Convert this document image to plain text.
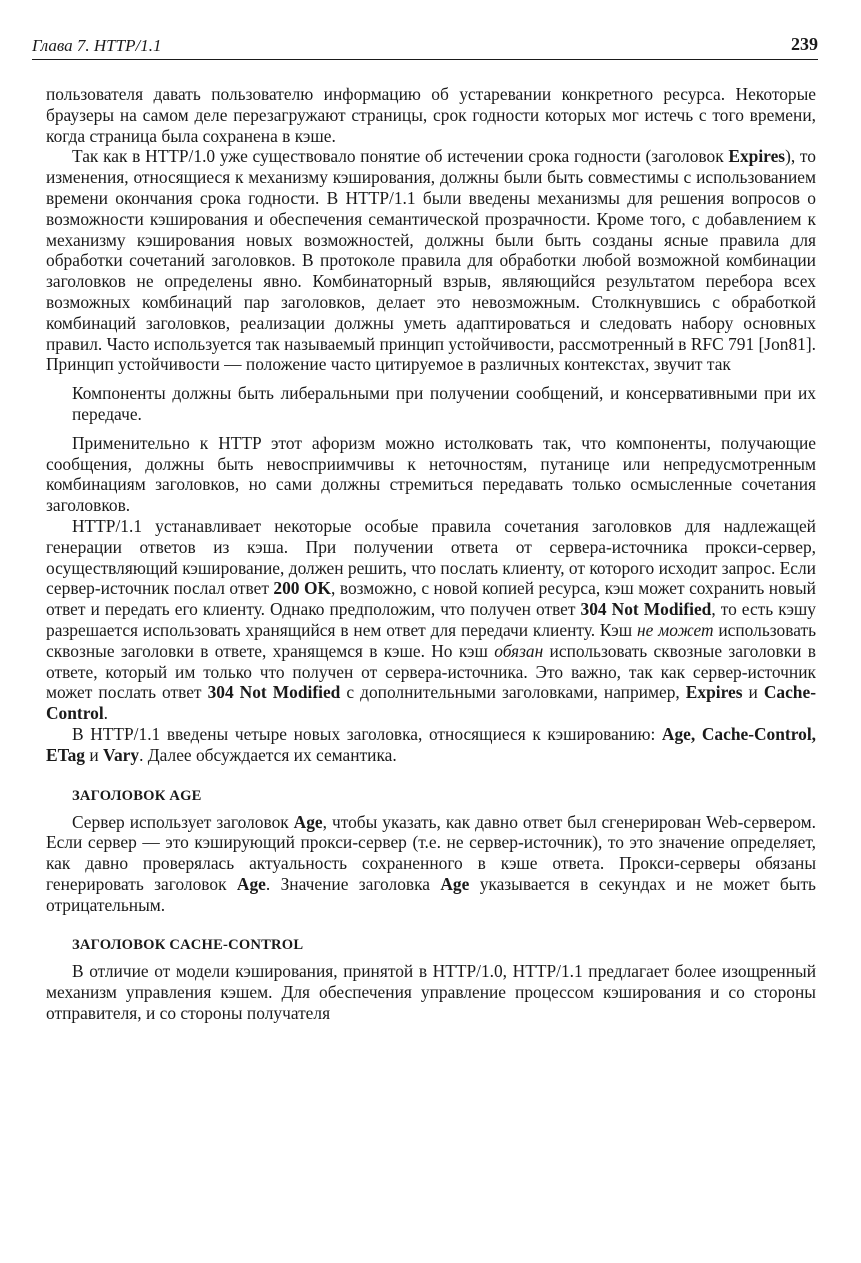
Глава 7. HTTP/1.1	239

пользователя давать пользователю информацию об устаревании конкретного ресурса. Некоторые браузеры на самом деле перезагружают страницы, срок годности которых мог истечь с того времени, когда страница была сохранена в кэше.

Так как в HTTP/1.0 уже существовало понятие об истечении срока годности (заголовок Expires), то изменения, относящиеся к механизму кэширования, должны были быть совместимы с использованием времени окончания срока годности. В HTTP/1.1 были введены механизмы для решения вопросов о возможности кэширования и обеспечения семантической прозрачности. Кроме того, с добавлением к механизму кэширования новых возможностей, должны были быть созданы ясные правила для обработки сочетаний заголовков. В протоколе правила для обработки любой возможной комбинации заголовков не определены явно. Комбинаторный взрыв, являющийся результатом перебора всех возможных комбинаций пар заголовков, делает это невозможным. Столкнувшись с обработкой комбинаций заголовков, реализации должны уметь адаптироваться и следовать набору основных правил. Часто используется так называемый принцип устойчивости, рассмотренный в RFC 791 [Jon81]. Принцип устойчивости — положение часто цитируемое в различных контекстах, звучит так

Компоненты должны быть либеральными при получении сообщений, и консервативными при их передаче.

Применительно к HTTP этот афоризм можно истолковать так, что компоненты, получающие сообщения, должны быть невосприимчивы к неточностям, путанице или непредусмотренным комбинациям заголовков, но сами должны стремиться передавать только осмысленные сочетания заголовков.

HTTP/1.1 устанавливает некоторые особые правила сочетания заголовков для надлежащей генерации ответов из кэша. При получении ответа от сервера-источника прокси-сервер, осуществляющий кэширование, должен решить, что послать клиенту, от которого исходит запрос. Если сервер-источник послал ответ 200 OK, возможно, с новой копией ресурса, кэш может сохранить новый ответ и передать его клиенту. Однако предположим, что получен ответ 304 Not Modified, то есть кэшу разрешается использовать хранящийся в нем ответ для передачи клиенту. Кэш не может использовать сквозные заголовки в ответе, хранящемся в кэше. Но кэш обязан использовать сквозные заголовки в ответе, который им только что получен от сервера-источника. Это важно, так как сервер-источник может послать ответ 304 Not Modified с дополнительными заголовками, например, Expires и Cache-Control.

В HTTP/1.1 введены четыре новых заголовка, относящиеся к кэшированию: Age, Cache-Control, ETag и Vary. Далее обсуждается их семантика.

ЗАГОЛОВОК AGE

Сервер использует заголовок Age, чтобы указать, как давно ответ был сгенерирован Web-сервером. Если сервер — это кэширующий прокси-сервер (т.е. не сервер-источник), то это значение определяет, как давно проверялась актуальность сохраненного в кэше ответа. Прокси-серверы обязаны генерировать заголовок Age. Значение заголовка Age указывается в секундах и не может быть отрицательным.

ЗАГОЛОВОК CACHE-CONTROL

В отличие от модели кэширования, принятой в HTTP/1.0, HTTP/1.1 предлагает более изощренный механизм управления кэшем. Для обеспечения управление процессом кэширования и со стороны отправителя, и со стороны получателя
